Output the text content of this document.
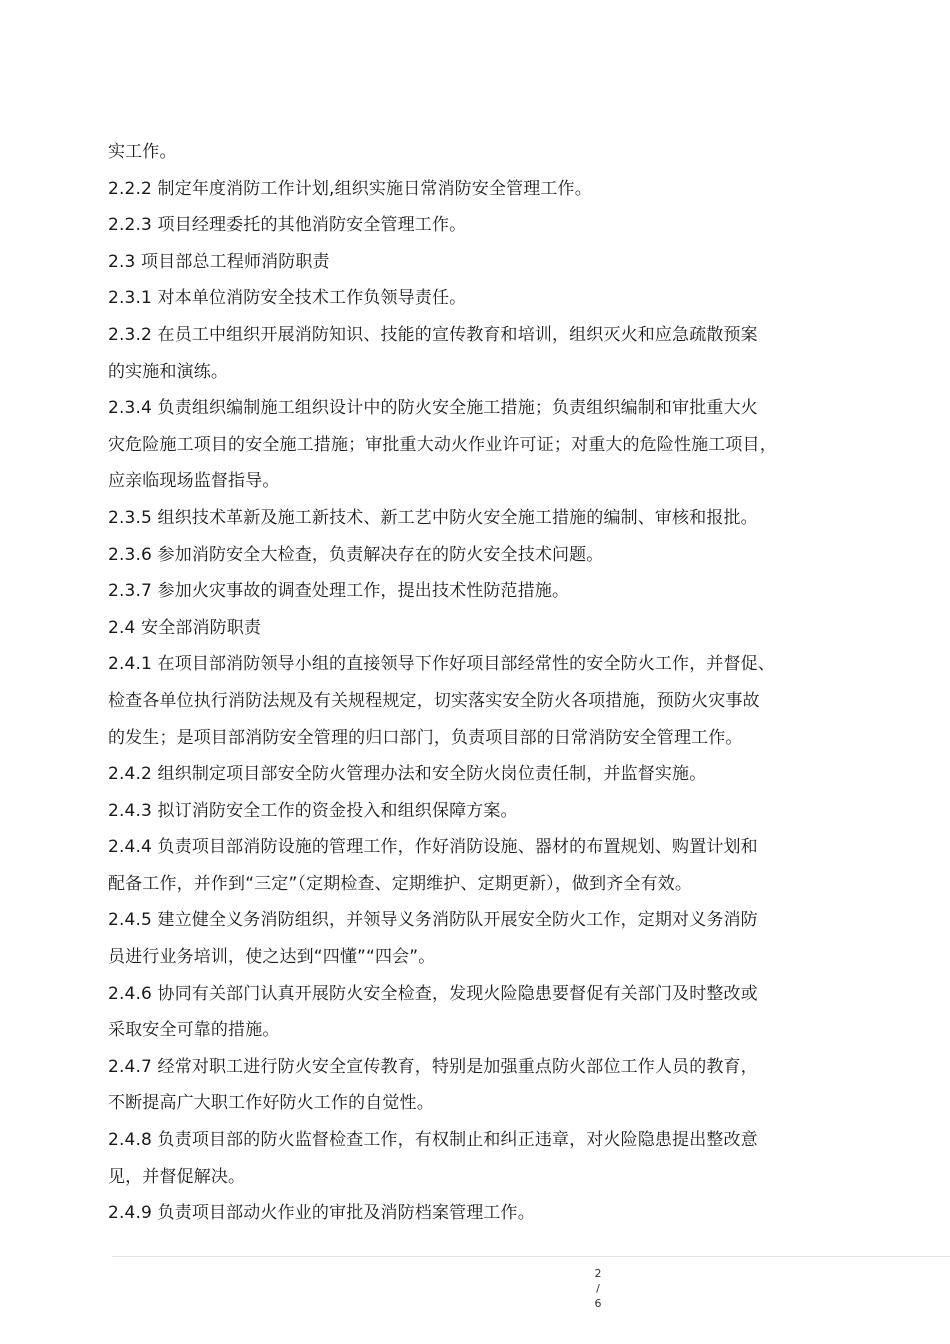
实工作。
2.2.2 制定年度消防工作计划,组织实施日常消防安全管理工作。
2.2.3 项目经理委托的其他消防安全管理工作。
2.3 项目部总工程师消防职责
2.3.1 对本单位消防安全技术工作负领导责任。
2.3.2 在员工中组织开展消防知识、技能的宣传教育和培训，组织灭火和应急疏散预案
的实施和演练。
2.3.4 负责组织编制施工组织设计中的防火安全施工措施；负责组织编制和审批重大火
灾危险施工项目的安全施工措施；审批重大动火作业许可证；对重大的危险性施工项目，
应亲临现场监督指导。
2.3.5 组织技术革新及施工新技术、新工艺中防火安全施工措施的编制、审核和报批。
2.3.6 参加消防安全大检查，负责解决存在的防火安全技术问题。
2.3.7 参加火灾事故的调查处理工作，提出技术性防范措施。
2.4 安全部消防职责
2.4.1 在项目部消防领导小组的直接领导下作好项目部经常性的安全防火工作，并督促、
检查各单位执行消防法规及有关规程规定，切实落实安全防火各项措施，预防火灾事故
的发生；是项目部消防安全管理的归口部门，负责项目部的日常消防安全管理工作。
2.4.2 组织制定项目部安全防火管理办法和安全防火岗位责任制，并监督实施。
2.4.3 拟订消防安全工作的资金投入和组织保障方案。
2.4.4 负责项目部消防设施的管理工作，作好消防设施、器材的布置规划、购置计划和
配备工作，并作到“三定”（定期检查、定期维护、定期更新），做到齐全有效。
2.4.5 建立健全义务消防组织，并领导义务消防队开展安全防火工作，定期对义务消防
员进行业务培训，使之达到“四懂”“四会”。
2.4.6 协同有关部门认真开展防火安全检查，发现火险隐患要督促有关部门及时整改或
采取安全可靠的措施。
2.4.7 经常对职工进行防火安全宣传教育，特别是加强重点防火部位工作人员的教育，
不断提高广大职工作好防火工作的自觉性。
2.4.8 负责项目部的防火监督检查工作，有权制止和纠正违章，对火险隐患提出整改意
见，并督促解决。
2.4.9 负责项目部动火作业的审批及消防档案管理工作。
2
/
6
